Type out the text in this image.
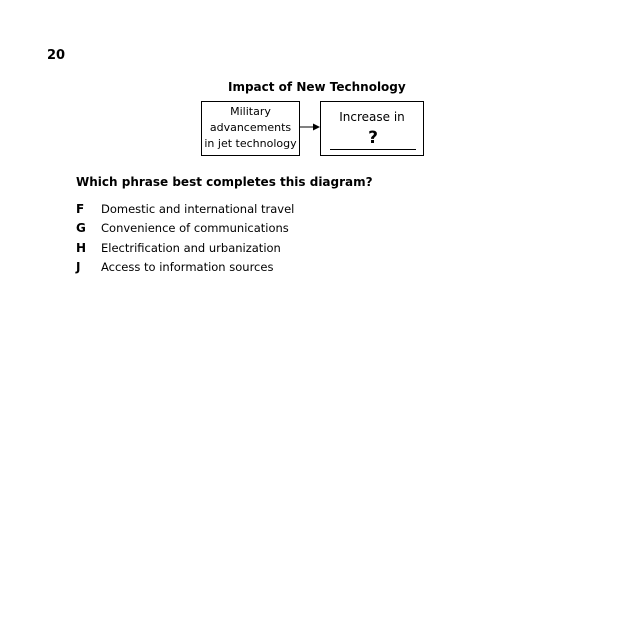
20
Impact of New Technology
Military
advancements
in jet technology
Increase in
?
Which phrase best completes this diagram?
F	Domestic and international travel
G	Convenience of communications
H	Electrification and urbanization
J	Access to information sources
